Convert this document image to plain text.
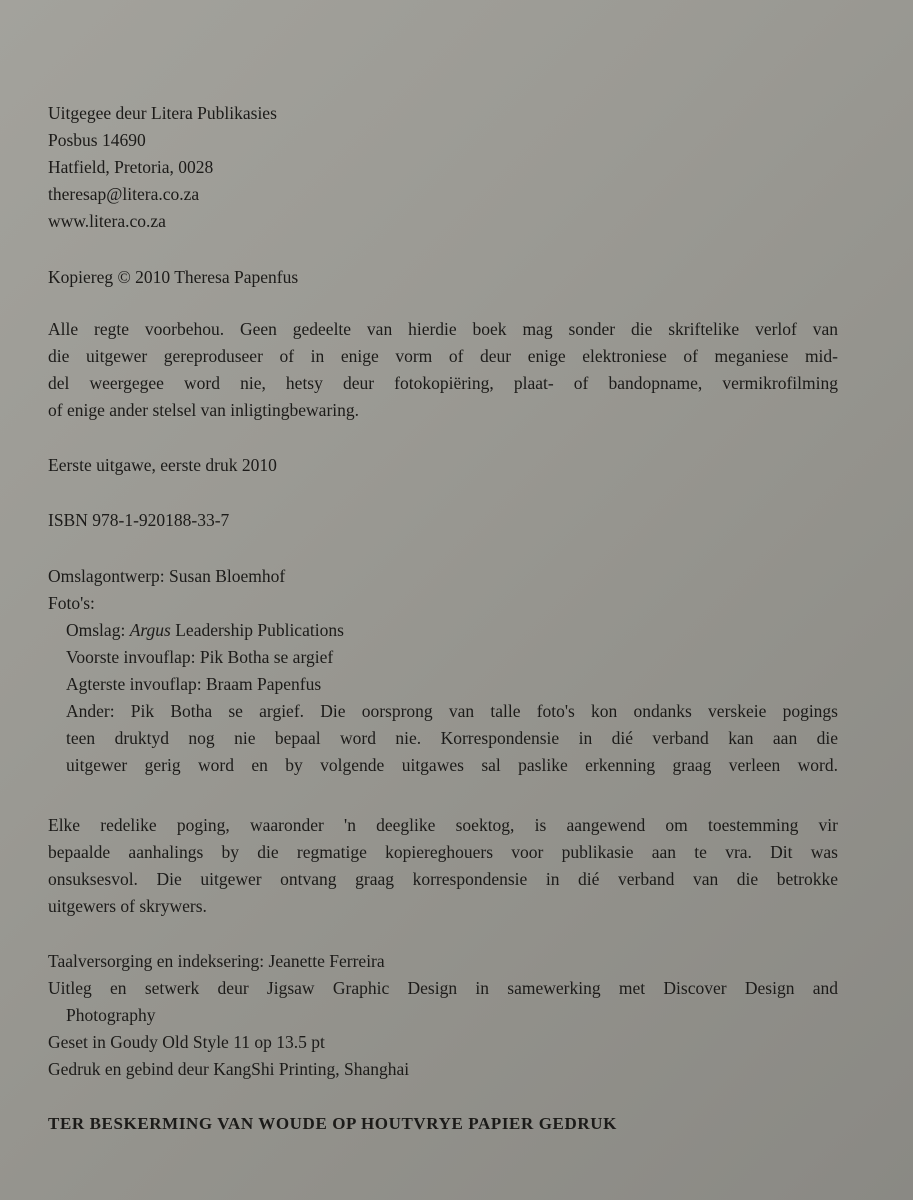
Uitgegee deur Litera Publikasies
Posbus 14690
Hatfield, Pretoria, 0028
theresap@litera.co.za
www.litera.co.za
Kopiereg © 2010 Theresa Papenfus
Alle regte voorbehou. Geen gedeelte van hierdie boek mag sonder die skriftelike verlof van
die uitgewer gereproduseer of in enige vorm of deur enige elektroniese of meganiese mid-
del weergegee word nie, hetsy deur fotokopiëring, plaat- of bandopname, vermikrofilming
of enige ander stelsel van inligtingbewaring.
Eerste uitgawe, eerste druk 2010
ISBN 978-1-920188-33-7
Omslagontwerp: Susan Bloemhof
Foto's:
Omslag: Argus Leadership Publications
Voorste invouflap: Pik Botha se argief
Agterste invouflap: Braam Papenfus
Ander: Pik Botha se argief. Die oorsprong van talle foto's kon ondanks verskeie pogings
teen druktyd nog nie bepaal word nie. Korrespondensie in dié verband kan aan die
uitgewer gerig word en by volgende uitgawes sal paslike erkenning graag verleen word.
Elke redelike poging, waaronder 'n deeglike soektog, is aangewend om toestemming vir
bepaalde aanhalings by die regmatige kopiereghouers voor publikasie aan te vra. Dit was
onsuksesvol. Die uitgewer ontvang graag korrespondensie in dié verband van die betrokke
uitgewers of skrywers.
Taalversorging en indeksering: Jeanette Ferreira
Uitleg en setwerk deur Jigsaw Graphic Design in samewerking met Discover Design and
Photography
Geset in Goudy Old Style 11 op 13.5 pt
Gedruk en gebind deur KangShi Printing, Shanghai
TER BESKERMING VAN WOUDE OP HOUTVRYE PAPIER GEDRUK
